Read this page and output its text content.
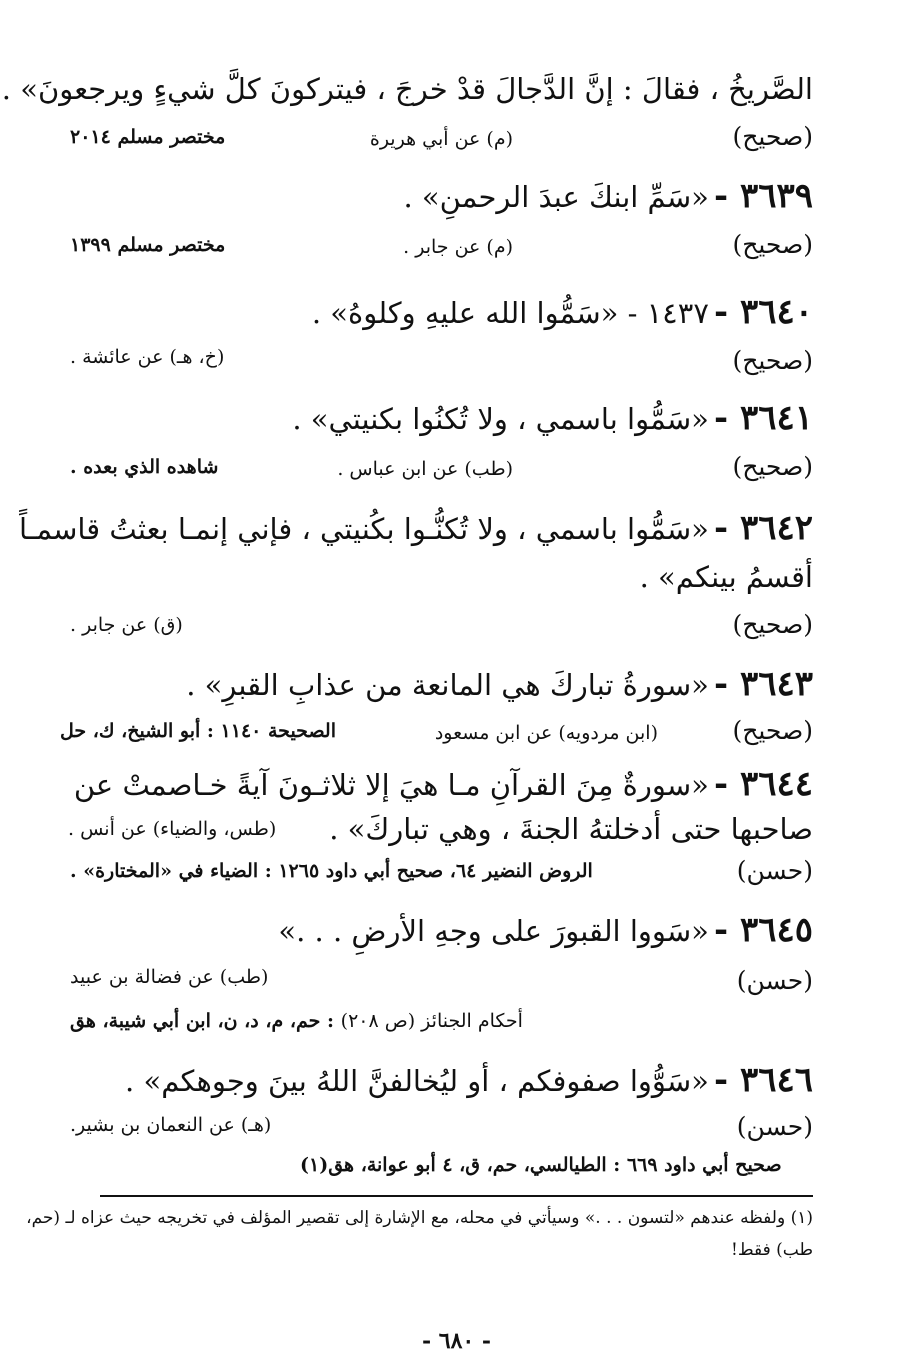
الصَّريخُ ، فقالَ : إنَّ الدَّجالَ قدْ خرجَ ، فيتركونَ كلَّ شيءٍ ويرجعونَ» .
(صحيح)
(م) عن أبي هريرة
مختصر مسلم ٢٠١٤
٣٦٣٩ - «سَمِّ ابنكَ عبدَ الرحمنِ» .
(صحيح)
(م) عن جابر .
مختصر مسلم ١٣٩٩
٣٦٤٠ - ١٤٣٧ - «سَمُّوا الله عليهِ وكلوهُ» .
(صحيح)
(خ، هـ) عن عائشة .
٣٦٤١ - «سَمُّوا باسمي ، ولا تُكنُوا بكنيتي» .
(صحيح)
(طب) عن ابن عباس .
شاهده الذي بعده .
٣٦٤٢ - «سَمُّوا باسمي ، ولا تُكنُّـوا بكُنيتي ، فإني إنمـا بعثتُ قاسمـاً
أقسمُ بينكم» .
(صحيح)
(ق) عن جابر .
٣٦٤٣ - «سورةُ تباركَ هي المانعة من عذابِ القبرِ» .
(صحيح)
(ابن مردويه) عن ابن مسعود
الصحيحة ١١٤٠ : أبو الشيخ، ك، حل
٣٦٤٤ - «سورةٌ مِنَ القرآنِ مـا هيَ إلا ثلاثـونَ آيةً خـاصمتْ عن
صاحبها حتى أدخلتهُ الجنةَ ، وهي تباركَ» .
(طس، والضياء) عن أنس .
(حسن)
الروض النضير ٦٤، صحيح أبي داود ١٢٦٥ : الضياء في «المختارة» .
٣٦٤٥ - «سَووا القبورَ على وجهِ الأرضِ . . .»
(حسن)
(طب) عن فضالة بن عبيد
أحكام الجنائز (ص ٢٠٨) : حم، م، د، ن، ابن أبي شيبة، هق
٣٦٤٦ - «سَوُّوا صفوفكم ، أو ليُخالفنَّ اللهُ بينَ وجوهكم» .
(حسن)
(هـ) عن النعمان بن بشير.
صحيح أبي داود ٦٦٩ : الطيالسي، حم، ق، ٤ أبو عوانة، هق(١)
(١) ولفظه عندهم «لتسون . . .» وسيأتي في محله، مع الإشارة إلى تقصير المؤلف في تخريجه حيث عزاه لـ (حم،
طب) فقط!
- ٦٨٠ -
